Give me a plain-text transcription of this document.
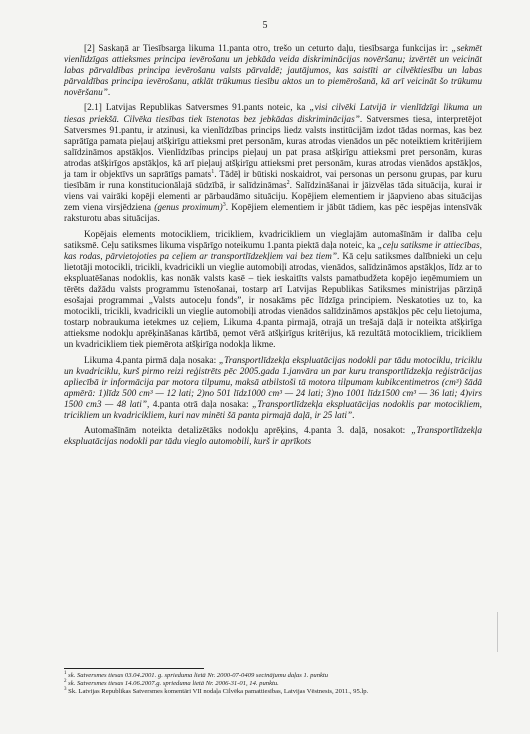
5

[2] Saskaņā ar Tiesībsarga likuma 11.panta otro, trešo un ceturto daļu, tiesībsarga funkcijas ir: „sekmēt vienlīdzīgas attieksmes principa ievērošanu un jebkāda veida diskriminācijas novēršanu; izvērtēt un veicināt labas pārvaldības principa ievērošanu valsts pārvaldē; jautājumos, kas saistīti ar cilvēktiesību un labas pārvaldības principa ievērošanu, atklāt trūkumus tiesību aktos un to piemērošanā, kā arī veicināt šo trūkumu novēršanu”.

[2.1] Latvijas Republikas Satversmes 91.pants noteic, ka „visi cilvēki Latvijā ir vienlīdzīgi likuma un tiesas priekšā. Cilvēka tiesības tiek īstenotas bez jebkādas diskriminācijas”. Satversmes tiesa, interpretējot Satversmes 91.pantu, ir atzinusi, ka vienlīdzības princips liedz valsts institūcijām izdot tādas normas, kas bez saprātīga pamata pieļauj atšķirīgu attieksmi pret personām, kuras atrodas vienādos un pēc noteiktiem kritērijiem salīdzināmos apstākļos. Vienlīdzības princips pieļauj un pat prasa atšķirīgu attieksmi pret personām, kuras atrodas atšķirīgos apstākļos, kā arī pieļauj atšķirīgu attieksmi pret personām, kuras atrodas vienādos apstākļos, ja tam ir objektīvs un saprātīgs pamats$^1$. Tādēļ ir būtiski noskaidrot, vai personas un personu grupas, par kuru tiesībām ir runa konstitucionālajā sūdzībā, ir salīdzināmas$^2$. Salīdzināšanai ir jāizvēlas tāda situācija, kurai ir viens vai vairāki kopēji elementi ar pārbaudāmo situāciju. Kopējiem elementiem ir jāapvieno abas situācijas zem viena virsjēdziena (genus proximum)$^3$. Kopējiem elementiem ir jābūt tādiem, kas pēc iespējas intensīvāk raksturotu abas situācijas.

Kopējais elements motocikliem, tricikliem, kvadricikliem un vieglajām automašīnām ir dalība ceļu satiksmē. Ceļu satiksmes likuma vispārīgo noteikumu 1.panta piektā daļa noteic, ka „ceļu satiksme ir attiecības, kas rodas, pārvietojoties pa ceļiem ar transportlīdzekļiem vai bez tiem”. Kā ceļu satiksmes dalībnieki un ceļu lietotāji motocikli, tricikli, kvadricikli un vieglie automobiļi atrodas, vienādos, salīdzināmos apstākļos, līdz ar to ekspluatēšanas nodoklis, kas nonāk valsts kasē – tiek ieskaitīts valsts pamatbudžeta kopējo ieņēmumiem un tērēts dažādu valsts programmu īstenošanai, tostarp arī Latvijas Republikas Satiksmes ministrijas pārziņā esošajai programmai „Valsts autoceļu fonds”, ir nosakāms pēc līdzīga principiem. Neskatoties uz to, ka motocikli, tricikli, kvadricikli un vieglie automobiļi atrodas vienādos salīdzināmos apstākļos pēc ceļu lietojuma, tostarp nobraukuma ietekmes uz ceļiem, Likuma 4.panta pirmajā, otrajā un trešajā daļā ir noteikta atšķirīga attieksme nodokļu aprēķināšanas kārtībā, ņemot vērā atšķirīgus kritērijus, kā rezultātā motocikliem, tricikliem un kvadricikliem tiek piemērota atšķirīga nodokļa likme.

Likuma 4.panta pirmā daļa nosaka: „Transportlīdzekļa ekspluatācijas nodokli par tādu motociklu, triciklu un kvadriciklu, kurš pirmo reizi reģistrēts pēc 2005.gada 1.janvāra un par kuru transportlīdzekļa reģistrācijas apliecībā ir informācija par motora tilpumu, maksā atbilstoši tā motora tilpumam kubikcentimetros (cm³) šādā apmērā: 1)līdz 500 cm³ — 12 lati; 2)no 501 līdz1000 cm³ — 24 lati; 3)no 1001 līdz1500 cm³ — 36 lati; 4)virs 1500 cm3 — 48 lati”, 4.panta otrā daļa nosaka: „Transportlīdzekļa ekspluatācijas nodoklis par motocikliem, tricikliem un kvadricikliem, kuri nav minēti šā panta pirmajā daļā, ir 25 lati”.

Automašīnām noteikta detalizētāks nodokļu aprēķins, 4.panta 3. daļā, nosakot: „Transportlīdzekļa ekspluatācijas nodokli par tādu vieglo automobili, kurš ir aprīkots

$^1$ sk. Satversmes tiesas 03.04.2001. g. sprieduma lietā Nr. 2000-07-0409 secinājumu daļas 1. punktu
$^2$ sk. Satversmes tiesas 14.06.2007.g. sprieduma lietā Nr. 2006-31-01, 14. punktu.
$^3$ Sk. Latvijas Republikas Satversmes komentāri VII nodaļa Cilvēka pamattiesības, Latvijas Vēstnesis, 2011., 95.lp.
